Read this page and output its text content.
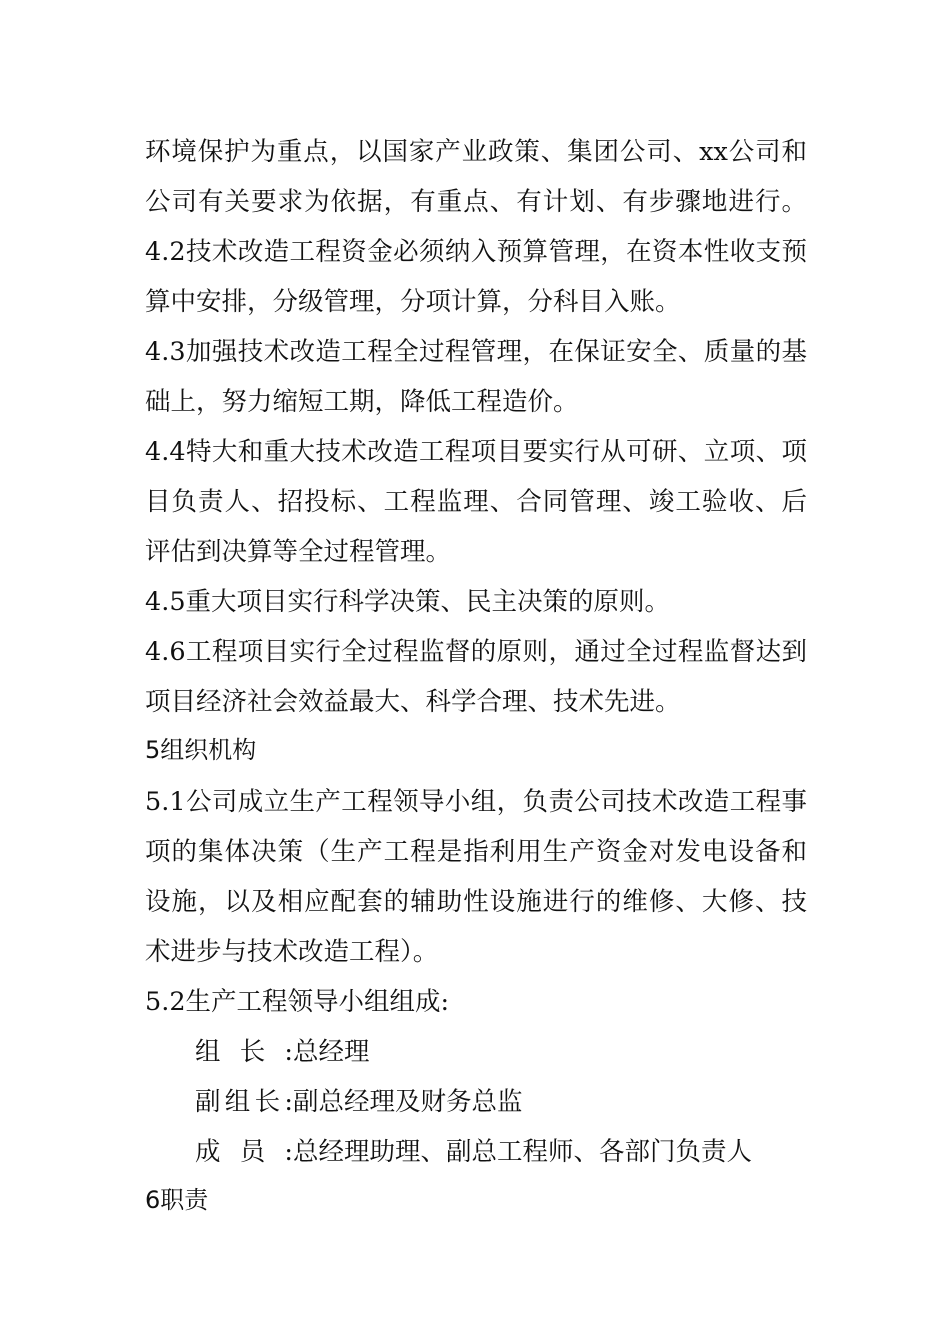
环境保护为重点，以国家产业政策、集团公司、xx公司和
公司有关要求为依据，有重点、有计划、有步骤地进行。
4.2技术改造工程资金必须纳入预算管理，在资本性收支预
算中安排，分级管理，分项计算，分科目入账。
4.3加强技术改造工程全过程管理，在保证安全、质量的基
础上，努力缩短工期，降低工程造价。
4.4特大和重大技术改造工程项目要实行从可研、立项、项
目负责人、招投标、工程监理、合同管理、竣工验收、后
评估到决算等全过程管理。
4.5重大项目实行科学决策、民主决策的原则。
4.6工程项目实行全过程监督的原则，通过全过程监督达到
项目经济社会效益最大、科学合理、技术先进。
5组织机构
5.1公司成立生产工程领导小组，负责公司技术改造工程事
项的集体决策（生产工程是指利用生产资金对发电设备和
设施，以及相应配套的辅助性设施进行的维修、大修、技
术进步与技术改造工程）。
5.2生产工程领导小组组成:
组长:总经理
副组长:副总经理及财务总监
成员:总经理助理、副总工程师、各部门负责人
6职责
